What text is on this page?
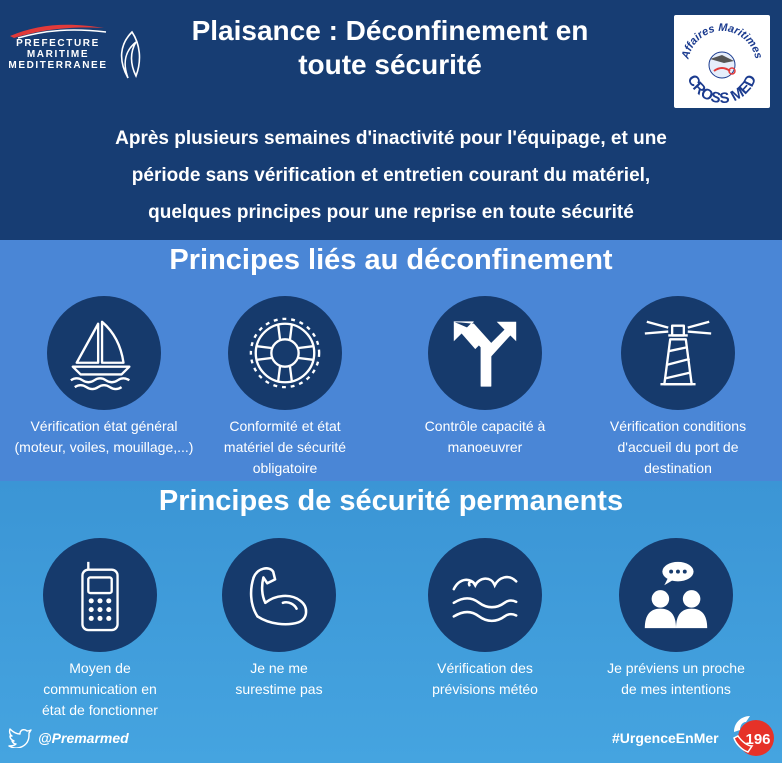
PREFECTURE MARITIME MEDITERRANEE
Plaisance : Déconfinement en
toute sécurité	Affaires Maritimes
CROSS MED
Après plusieurs semaines d'inactivité pour l'équipage, et une
période sans vérification et entretien courant du matériel,
quelques principes pour une reprise en toute sécurité
Principes liés au déconfinement
Vérification état général
(moteur, voiles, mouillage,...)
Conformité et état
matériel de sécurité
obligatoire
Contrôle capacité à
manoeuvrer
Vérification conditions
d'accueil du port de
destination
Principes de sécurité permanents
Moyen de
communication en
état de fonctionner
Je ne me
surestime pas
Vérification des
prévisions météo
Je préviens un proche
de mes intentions
@Premarmed	#UrgenceEnMer 196
